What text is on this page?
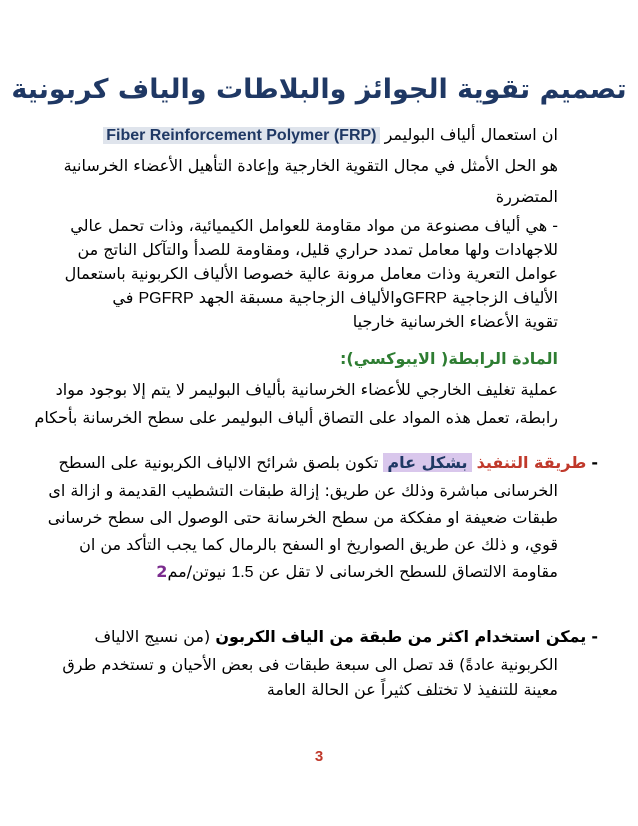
تصميم تقوية الجوائز والبلاطات والياف كربونية
ان استعمال ألياف البوليمر Fiber Reinforcement Polymer (FRP)
هو الحل الأمثل في مجال التقوية الخارجية وإعادة التأهيل الأعضاء الخرسانية
المتضررة
- هي ألياف مصنوعة من مواد مقاومة للعوامل الكيميائية، وذات تحمل عالي
للاجهادات ولها معامل تمدد حراري قليل، ومقاومة للصدأ والتآكل الناتج من
عوامل التعرية وذات معامل مرونة عالية خصوصا الألياف الكربونية باستعمال
الألياف الزجاجية GFRPوالألياف الزجاجية مسبقة الجهد PGFRP في
تقوية الأعضاء الخرسانية خارجيا
المادة الرابطة( الايبوكسي):
عملية تغليف الخارجي للأعضاء الخرسانية بألياف البوليمر لا يتم إلا بوجود مواد
رابطة، تعمل هذه المواد على التصاق ألياف البوليمر على سطح الخرسانة بأحكام
- طريقة التنفيذ بشكل عام تكون بلصق شرائح الالياف الكربونية على السطح
الخرسانى مباشرة وذلك عن طريق: إزالة طبقات التشطيب القديمة و ازالة اى
طبقات ضعيفة او مفككة من سطح الخرسانة حتى الوصول الى سطح خرسانى
قوي، و ذلك عن طريق الصواريخ او السفح بالرمال كما يجب التأكد من ان
مقاومة الالتصاق للسطح الخرسانى لا تقل عن 1.5 نيوتن/مم2
- يمكن استخدام اكثر من طبقة من الياف الكربون (من نسيج الالياف
الكربونية عادةً) قد تصل الى سبعة طبقات فى بعض الأحيان و تستخدم طرق
معينة للتنفيذ لا تختلف كثيراً عن الحالة العامة
3
